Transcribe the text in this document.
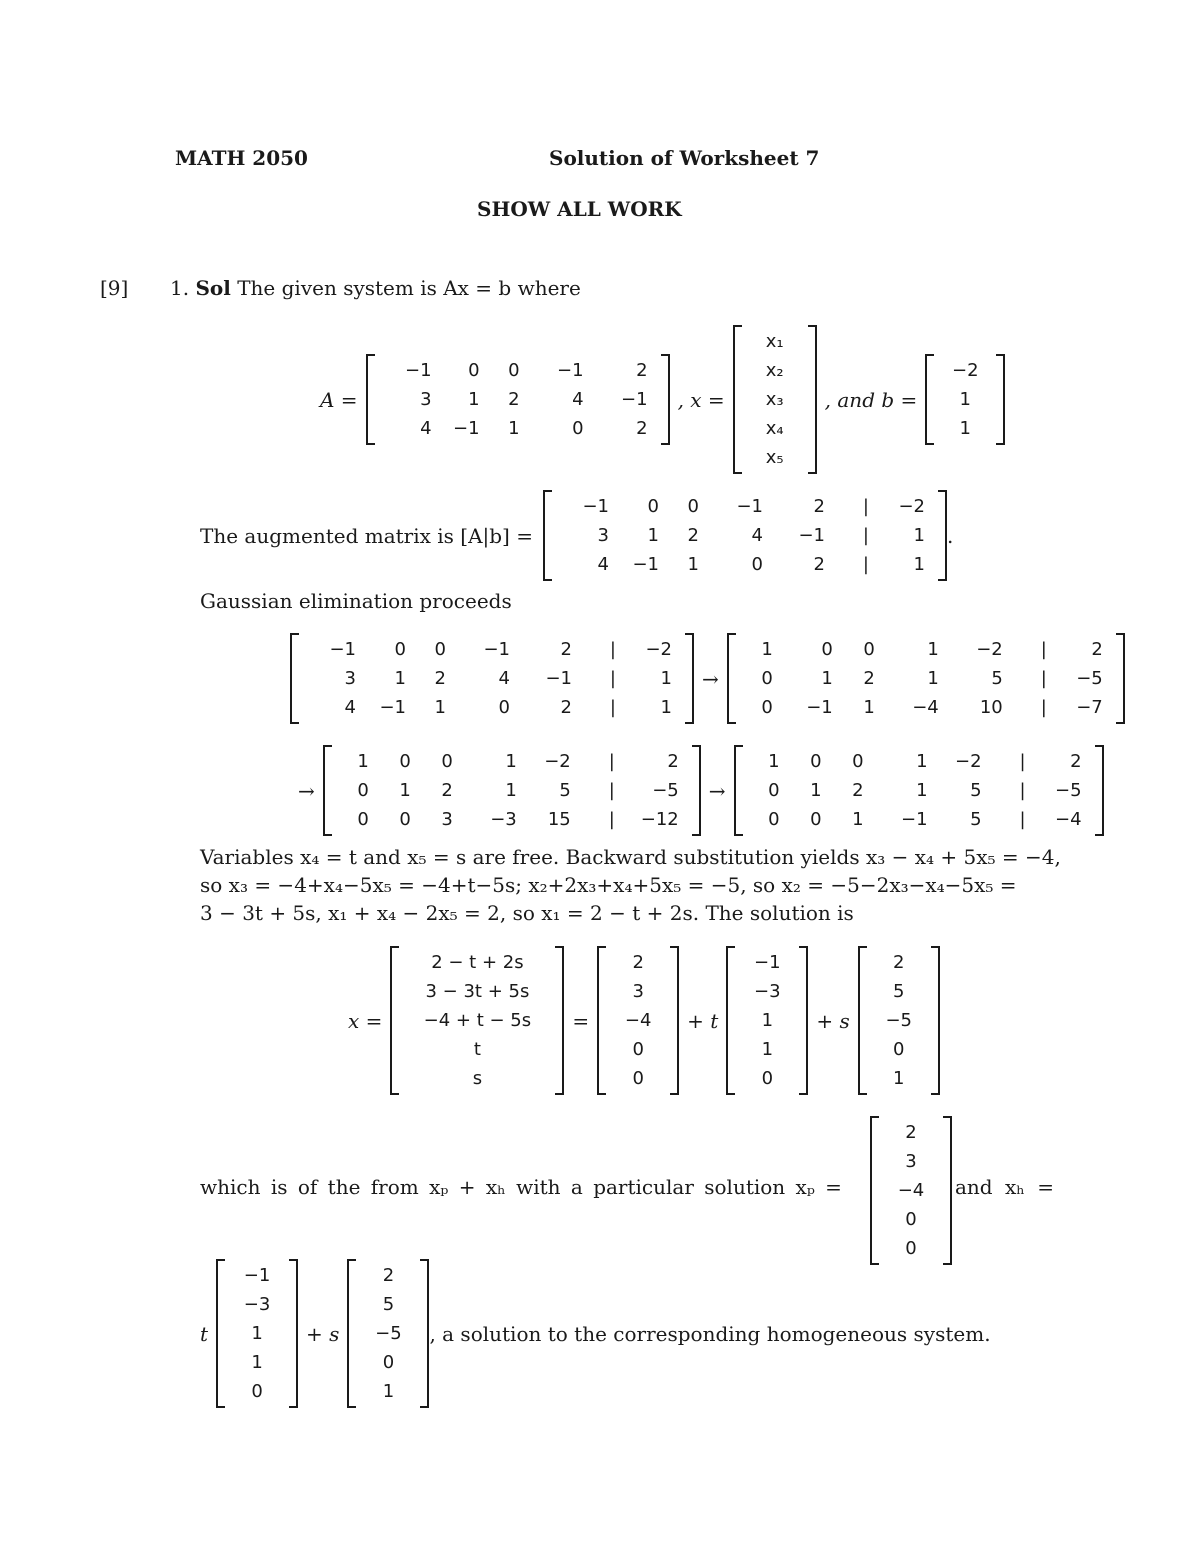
MATH 2050	Solution of Worksheet 7
SHOW ALL WORK
[9] 1. Sol The given system is Ax = b where
A =
−1	0	0	−1	2
3	1	2	4	−1
4	−1	1	0	2
, x =
x₁
x₂
x₃
x₄
x₅
, and b =
−2
1
1
The augmented matrix is [A|b] =
−1	0	0	−1	2	|	−2
3	1	2	4	−1	|	1
4	−1	1	0	2	|	1
.
Gaussian elimination proceeds
−1	0	0	−1	2	|	−2
3	1	2	4	−1	|	1
4	−1	1	0	2	|	1
→
1	0	0	1	−2	|	2
0	1	2	1	5	|	−5
0	−1	1	−4	10	|	−7
→
1	0	0	1	−2	|	2
0	1	2	1	5	|	−5
0	0	3	−3	15	|	−12
→
1	0	0	1	−2	|	2
0	1	2	1	5	|	−5
0	0	1	−1	5	|	−4
Variables x₄ = t and x₅ = s are free. Backward substitution yields x₃ − x₄ + 5x₅ = −4,
so x₃ = −4+x₄−5x₅ = −4+t−5s; x₂+2x₃+x₄+5x₅ = −5, so x₂ = −5−2x₃−x₄−5x₅ =
3 − 3t + 5s, x₁ + x₄ − 2x₅ = 2, so x₁ = 2 − t + 2s. The solution is
x =
2 − t + 2s
3 − 3t + 5s
−4 + t − 5s
t
s
=
2
3
−4
0
0
+ t
−1
−3
1
1
0
+ s
2
5
−5
0
1
which is of the from xₚ + xₕ with a particular solution xₚ =
2
3
−4
0
0
and xₕ =
t
−1
−3
1
1
0
+ s
2
5
−5
0
1
, a solution to the corresponding homogeneous system.
